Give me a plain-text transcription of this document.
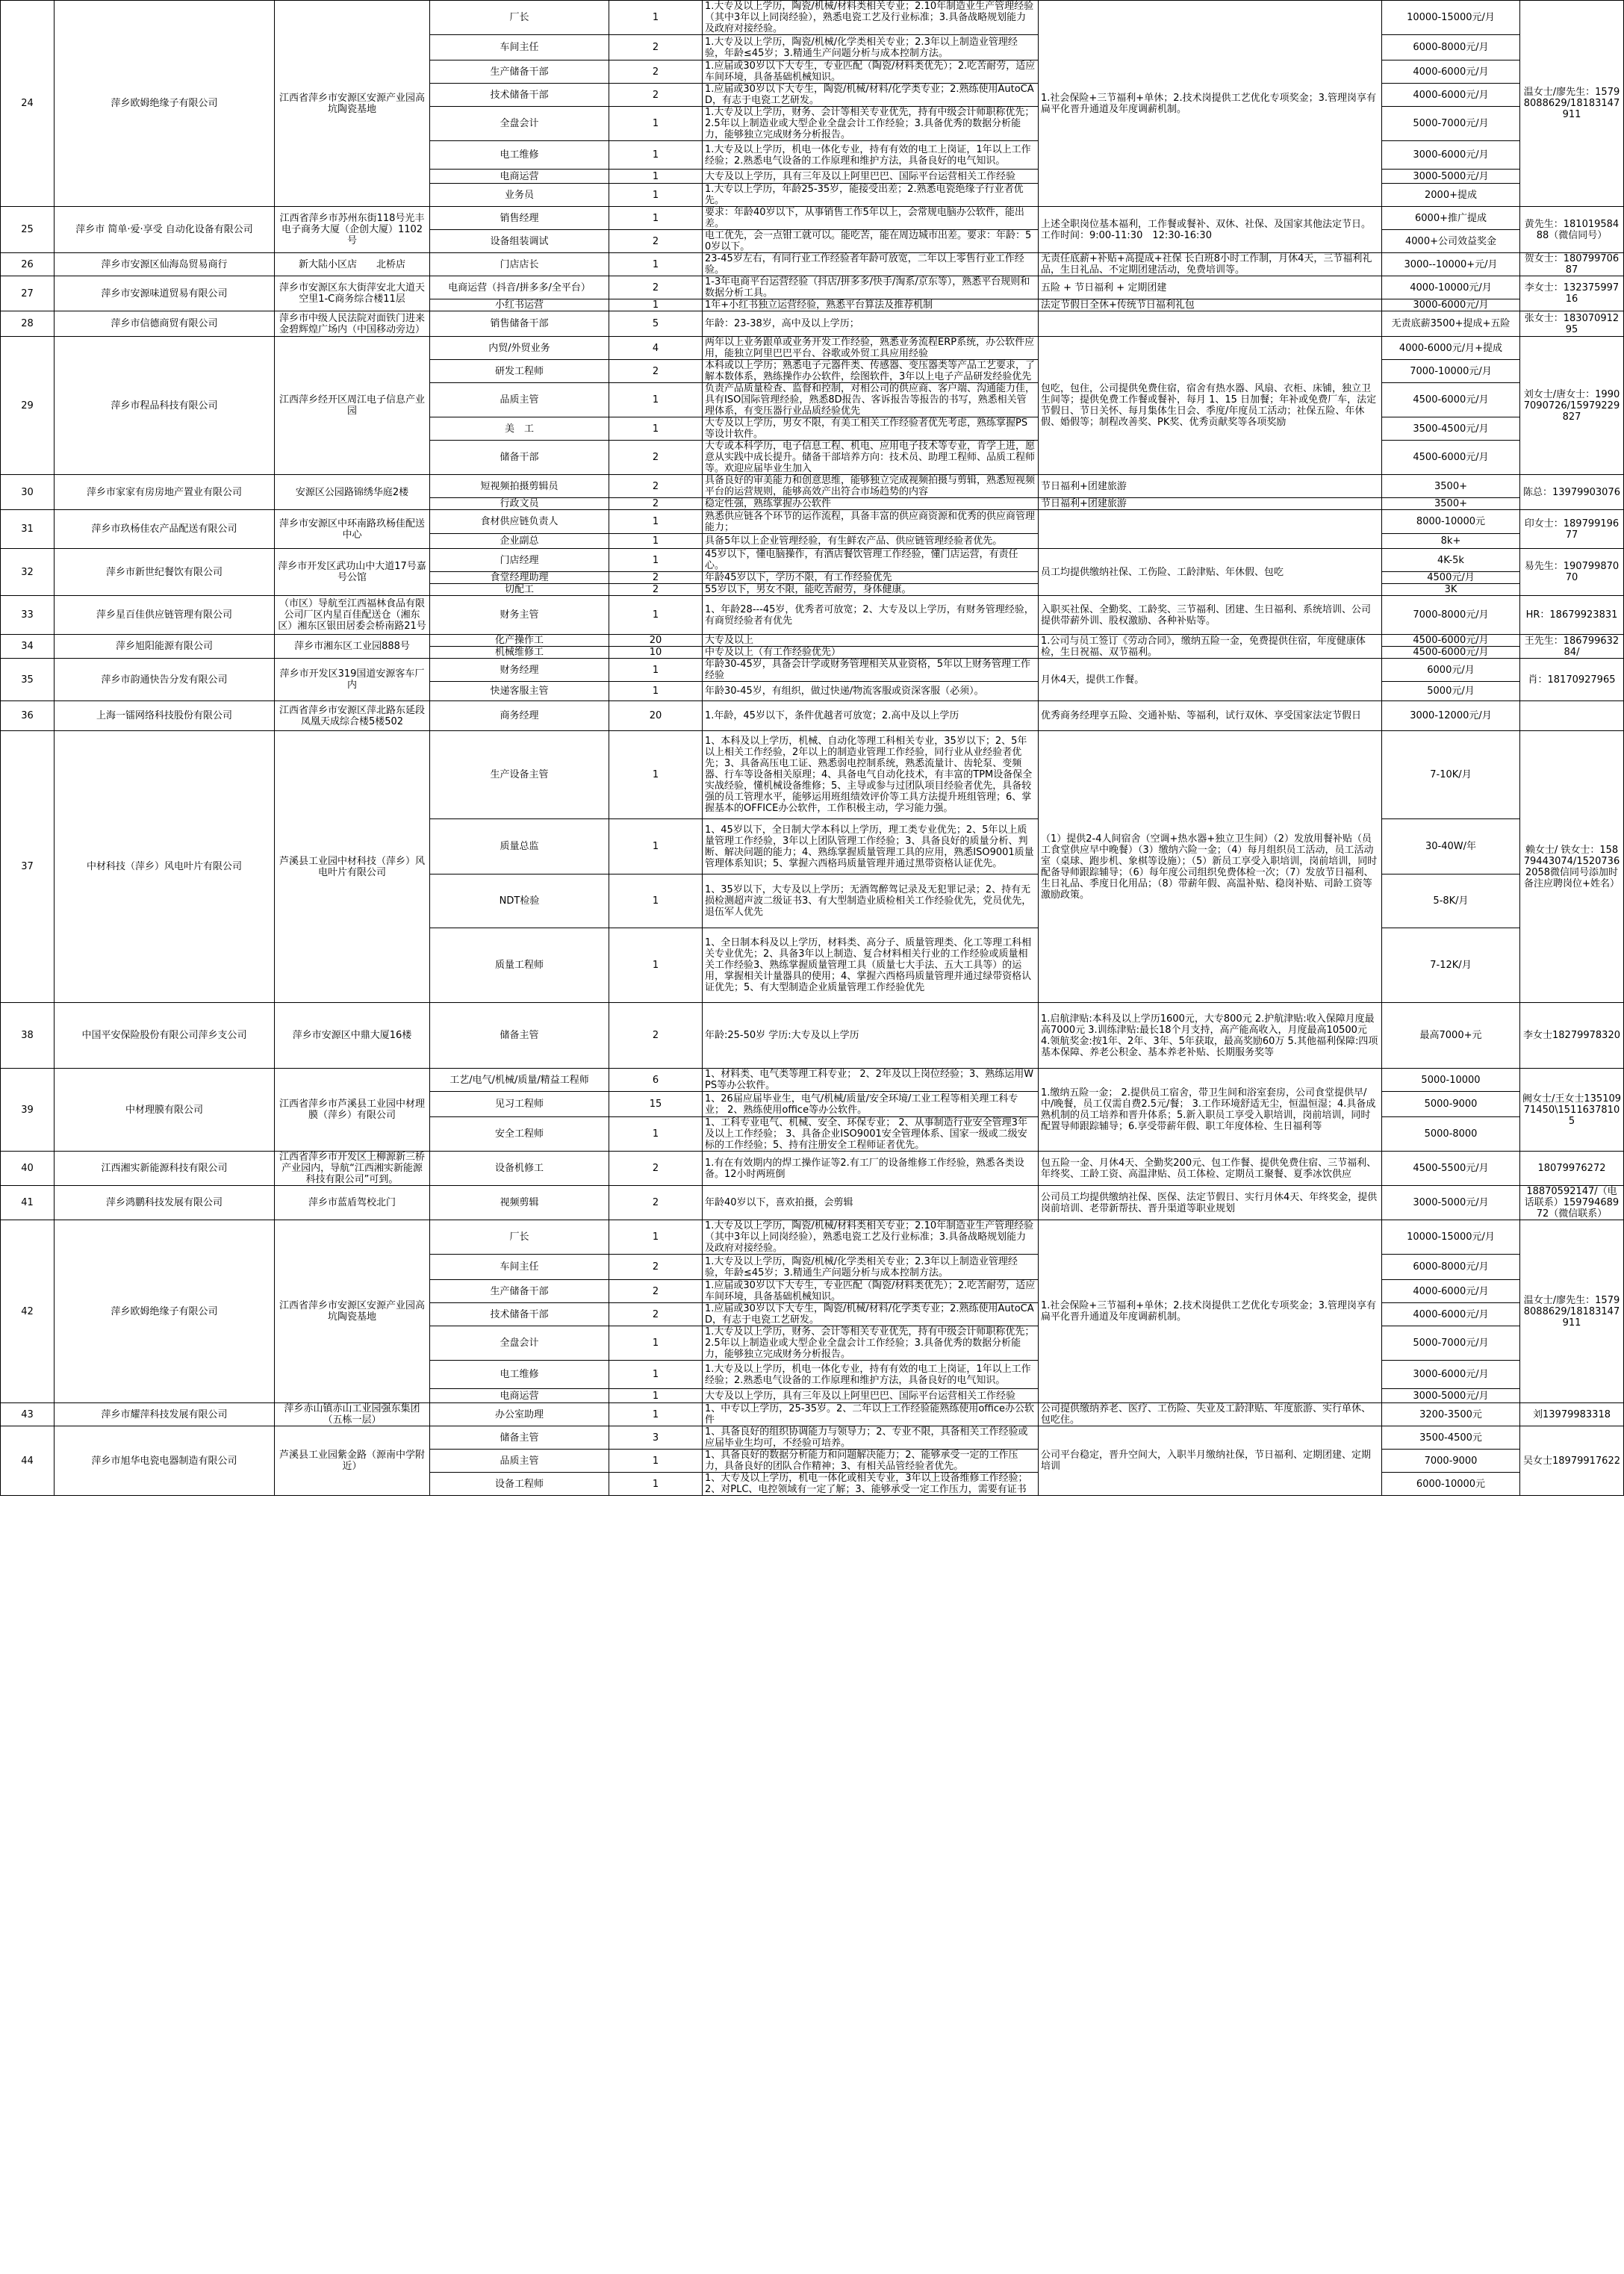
24	萍乡欧姆绝缘子有限公司	江西省萍乡市安源区安源产业园高坑陶瓷基地	厂长	1	1.大专及以上学历，陶瓷/机械/材料类相关专业；2.10年制造业生产管理经验（其中3年以上同岗经验），熟悉电瓷工艺及行业标准；3.具备战略规划能力及政府对接经验。	1.社会保险+三节福利+单休；2.技术岗提供工艺优化专项奖金；3.管理岗享有扁平化晋升通道及年度调薪机制。	10000-15000元/月	温女士/廖先生：15798088629/18183147911
			车间主任	2	1.大专及以上学历，陶瓷/机械/化学类相关专业；2.3年以上制造业管理经验，年龄≤45岁；3.精通生产问题分析与成本控制方法。		6000-8000元/月	
			生产储备干部	2	1.应届或30岁以下大专生，专业匹配（陶瓷/材料类优先）；2.吃苦耐劳，适应车间环境，具备基础机械知识。		4000-6000元/月	
			技术储备干部	2	1.应届或30岁以下大专生，陶瓷/机械/材料/化学类专业；2.熟练使用AutoCAD，有志于电瓷工艺研发。		4000-6000元/月	
			全盘会计	1	1.大专及以上学历，财务、会计等相关专业优先，持有中级会计师职称优先；2.5年以上制造业或大型企业全盘会计工作经验；3.具备优秀的数据分析能力，能够独立完成财务分析报告。		5000-7000元/月	
			电工维修	1	1.大专及以上学历，机电一体化专业，持有有效的电工上岗证，1年以上工作经验；2.熟悉电气设备的工作原理和维护方法，具备良好的电气知识。		3000-6000元/月	
			电商运营	1	大专及以上学历，具有三年及以上阿里巴巴、国际平台运营相关工作经验		3000-5000元/月	
			业务员	1	1.大专以上学历，年龄25-35岁，能接受出差；2.熟悉电瓷绝缘子行业者优先。		2000+提成	
25	萍乡市 简单·爱·享受 自动化设备有限公司	江西省萍乡市苏州东街118号光丰电子商务大厦（企创大厦）1102号	销售经理	1	要求：年龄40岁以下，从事销售工作5年以上，会常规电脑办公软件，能出差。	上述全职岗位基本福利，工作餐或餐补、双休、社保、及国家其他法定节日。工作时间：9:00-11:30　12:30-16:30	6000+推广提成	黄先生：18101958488（微信同号）
			设备组装调试	2	电工优先，会一点钳工就可以。能吃苦，能在周边城市出差。要求：年龄：50岁以下。		4000+公司效益奖金	
26	萍乡市安源区仙海岛贸易商行	新大陆小区店　　北桥店	门店店长	1	23-45岁左右，有同行业工作经验者年龄可放宽，二年以上零售行业工作经验。	无责任底薪+补贴+高提成+社保 长白班8小时工作制，月休4天，三节福利礼品，生日礼品、不定期团建活动，免费培训等。	3000--10000+元/月	贺女士：18079970687
27	萍乡市安源味道贸易有限公司	萍乡市安源区东大街萍安北大道天空里1-C商务综合楼11层	电商运营（抖音/拼多多/全平台）	2	1-3年电商平台运营经验（抖店/拼多多/快手/淘系/京东等），熟悉平台规则和数据分析工具。	五险 + 节日福利 + 定期团建	4000-10000元/月	李女士：13237599716
			小红书运营	1	1年+小红书独立运营经验，熟悉平台算法及推荐机制	法定节假日全休+传统节日福利礼包	3000-6000元/月	
28	萍乡市信德商贸有限公司	萍乡市中级人民法院对面铁门进来金碧辉煌广场内（中国移动旁边）	销售储备干部	5	年龄：23-38岁，高中及以上学历；		无责底薪3500+提成+五险	张女士：18307091295
29	萍乡市程品科技有限公司	江西萍乡经开区周江电子信息产业园	内贸/外贸业务	4	两年以上业务跟单或业务开发工作经验，熟悉业务流程ERP系统，办公软件应用，能独立阿里巴巴平台、谷歌或外贸工具应用经验	包吃，包住，公司提供免费住宿，宿舍有热水器、风扇、衣柜、床铺，独立卫生间等；提供免费工作餐或餐补，每月 1、15 日加餐；年补或免费厂车，法定节假日、节日关怀、每月集体生日会、季度/年度员工活动；社保五险、年休假、婚假等；制程改善奖、PK奖、优秀贡献奖等各项奖励	4000-6000元/月+提成	刘女士/唐女士：19907090726/15979229827
			研发工程师	2	本科或以上学历；熟悉电子元器件类、传感器、变压器类等产品工艺要求，了解本数体系，熟练操作办公软件，绘图软件，3年以上电子产品研发经验优先		7000-10000元/月	
			品质主管	1	负责产品质量检查、监督和控制，对相公司的供应商、客户端、沟通能力佳，具有ISO国际管理经验，熟悉8D报告、客诉报告等报告的书写，熟悉相关管理体系，有变压器行业品质经验优先		4500-6000元/月	
			美　工	1	大专及以上学历，男女不限，有美工相关工作经验者优先考虑，熟练掌握PS等设计软件。		3500-4500元/月	
			储备干部	2	大专或本科学历，电子信息工程、机电、应用电子技术等专业，肯学上进，愿意从实践中成长提升。储备干部培养方向：技术员、助理工程师、品质工程师等。欢迎应届毕业生加入		4500-6000元/月	
30	萍乡市家家有房房地产置业有限公司	安源区公园路锦绣华庭2楼	短视频拍摄剪辑员	2	具备良好的审美能力和创意思维，能够独立完成视频拍摄与剪辑，熟悉短视频平台的运营规则，能够高效产出符合市场趋势的内容	节日福利+团建旅游	3500+	陈总：13979903076
			行政文员	2	稳定性强，熟练掌握办公软件	节日福利+团建旅游	3500+	
31	萍乡市玖杨佳农产品配送有限公司	萍乡市安源区中环南路玖杨佳配送中心	食材供应链负责人	1	熟悉供应链各个环节的运作流程，具备丰富的供应商资源和优秀的供应商管理能力；		8000-10000元	印女士：18979919677
			企业副总	1	具备5年以上企业管理经验，有生鲜农产品、供应链管理经验者优先。		8k+	
32	萍乡市新世纪餐饮有限公司	萍乡市开发区武功山中大道17号嘉号公馆	门店经理	1	45岁以下，懂电脑操作，有酒店餐饮管理工作经验，懂门店运营，有责任心。	员工均提供缴纳社保、工伤险、工龄津贴、年休假、包吃	4K-5k	易先生：19079987070
			食堂经理助理	2	年龄45岁以下，学历不限，有工作经验优先		4500元/月	
			切配工	2	55岁以下，男女不限，能吃苦耐劳，身体健康。		3K	
33	萍乡星百佳供应链管理有限公司	（市区）导航至江西福林食品有限公司厂区内星百佳配送仓（湘东区）湘东区银田居委会桥南路21号	财务主管	1	1、年龄28---45岁，优秀者可放宽；2、大专及以上学历，有财务管理经验，有商贸经验者有优先	入职买社保、全勤奖、工龄奖、三节福利、团建、生日福利、系统培训、公司提供带薪外训、股权激励、各种补贴等。	7000-8000元/月	HR：18679923831
34	萍乡旭阳能源有限公司	萍乡市湘东区工业园888号	化产操作工	20	大专及以上	1.公司与员工签订《劳动合同》，缴纳五险一金，免费提供住宿，年度健康体检，生日祝福、双节福利。	4500-6000元/月	王先生：18679963284/
			机械维修工	10	中专及以上（有工作经验优先）		4500-6000元/月	
35	萍乡市韵通快告分发有限公司	萍乡市开发区319国道安源客车厂内	财务经理	1	年龄30-45岁，具备会计学或财务管理相关从业资格，5年以上财务管理工作经验	月休4天，提供工作餐。	6000元/月	肖：18170927965
			快递客服主管	1	年龄30-45岁，有组织，做过快递/物流客服或资深客服（必须）。		5000元/月	
36	上海一镭网络科技股份有限公司	江西省萍乡市安源区萍北路东延段凤凰天成综合楼5楼502	商务经理	20	1.年龄，45岁以下，条件优越者可放宽；2.高中及以上学历	优秀商务经理享五险、交通补贴、等福利，试行双休、享受国家法定节假日	3000-12000元/月	
37	中材科技（萍乡）风电叶片有限公司	芦溪县工业园中材科技（萍乡）风电叶片有限公司	生产设备主管	1	1、本科及以上学历，机械、自动化等理工科相关专业，35岁以下；2、5年以上相关工作经验，2年以上的制造业管理工作经验，同行业从业经验者优先；3、具备高压电工证、熟悉弱电控制系统，熟悉流量计、齿轮泵、变频器、行车等设备相关原理；4、具备电气自动化技术，有丰富的TPM设备保全实战经验，懂机械设备维修；5、主导或参与过团队项目经验者优先，具备较强的员工管理水平，能够运用班组绩效评价等工具方法提升班组管理；6、掌握基本的OFFICE办公软件，工作积极主动，学习能力强。	（1）提供2-4人间宿舍（空调+热水器+独立卫生间）（2）发放用餐补贴（员工食堂供应早中晚餐）（3）缴纳六险一金；（4）每月组织员工活动，员工活动室（桌球、跑步机、象棋等设施）；（5）新员工享受入职培训，岗前培训，同时配备导师跟踪辅导；（6）每年度公司组织免费体检一次；（7）发放节日福利、生日礼品、季度日化用品；（8）带薪年假、高温补贴、稳岗补贴、司龄工资等激励政策。	7-10K/月	赖女士/ 铁女士：15879443074/15207362058微信同号添加时备注应聘岗位+姓名）
			质量总监	1	1、45岁以下，全日制大学本科以上学历，理工类专业优先；2、5年以上质量管理工作经验，3年以上团队管理工作经验；3、具备良好的质量分析、判断、解决问题的能力；4、熟练掌握质量管理工具的应用，熟悉ISO9001质量管理体系知识；5、掌握六西格玛质量管理并通过黑带资格认证优先。		30-40W/年	
			NDT检验	1	1、35岁以下，大专及以上学历；无酒驾醉驾记录及无犯罪记录；2、持有无损检测超声波二级证书3、有大型制造业质检相关工作经验优先，党员优先，退伍军人优先		5-8K/月	
			质量工程师	1	1、全日制本科及以上学历，材料类、高分子、质量管理类、化工等理工科相关专业优先；2、具备3年以上制造、复合材料相关行业的工作经验或质量相关工作经验3、熟练掌握质量管理工具（质量七大手法、五大工具等）的运用，掌握相关计量器具的使用；4、掌握六西格玛质量管理并通过绿带资格认证优先；5、有大型制造企业质量管理工作经验优先		7-12K/月	
38	中国平安保险股份有限公司萍乡支公司	萍乡市安源区中鼎大厦16楼	储备主管	2	年龄:25-50岁 学历:大专及以上学历	1.启航津贴:本科及以上学历1600元，大专800元 2.护航津贴:收入保障月度最高7000元 3.训练津贴:最长18个月支持，高产能高收入，月度最高10500元 4.领航奖金:按1年、2年、3年、5年获取，最高奖励60万 5.其他福利保障:四项基本保障、养老公积金、基本养老补贴、长期服务奖等	最高7000+元	李女士18279978320
39	中材理膜有限公司	江西省萍乡市芦溪县工业园中材理膜（萍乡）有限公司	工艺/电气/机械/质量/精益工程师	6	1、材料类、电气类等理工科专业； 2、2年及以上岗位经验；3、熟练运用WPS等办公软件。	1.缴纳五险一金； 2.提供员工宿舍，带卫生间和浴室套房，公司食堂提供早/中/晚餐，员工仅需自费2.5元/餐； 3.工作环境舒适无尘，恒温恒湿；4.具备成熟机制的员工培养和晋升体系；5.新入职员工享受入职培训，岗前培训，同时配置导师跟踪辅导；6.享受带薪年假、职工年度体检、生日福利等	5000-10000	阙女士/王女士13510971450\15116378105
			见习工程师	15	1、26届应届毕业生，电气/机械/质量/安全环境/工业工程等相关理工科专业； 2、熟练使用office等办公软件。		5000-9000	
			安全工程师	1	1、工科专业电气、机械、安全、环保专业； 2、从事制造行业安全管理3年及以上工作经验； 3、具备企业ISO9001安全管理体系、国家一级或二级安标的工作经验；5、持有注册安全工程师证者优先。		5000-8000	
40	江西湘实新能源科技有限公司	江西省萍乡市开发区上柳源新三桥产业园内，导航“江西湘实新能源科技有限公司”可到。	设备机修工	2	1.有在有效期内的焊工操作证等2.有工厂的设备维修工作经验，熟悉各类设备。12小时两班倒	包五险一金、月休4天、全勤奖200元、包工作餐、提供免费住宿、三节福利、年终奖、工龄工资、高温津贴、员工体检、定期员工聚餐、夏季冰饮供应	4500-5500元/月	18079976272
41	萍乡鸿鹏科技发展有限公司	萍乡市蓝盾驾校北门	视频剪辑	2	年龄40岁以下，喜欢拍摄，会剪辑	公司员工均提供缴纳社保、医保、法定节假日、实行月休4天、年终奖金，提供岗前培训、老带新帮扶、晋升渠道等职业规划	3000-5000元/月	18870592147/（电话联系）15979468972（微信联系）
42	萍乡欧姆绝缘子有限公司	江西省萍乡市安源区安源产业园高坑陶瓷基地	厂长	1	1.大专及以上学历，陶瓷/机械/材料类相关专业；2.10年制造业生产管理经验（其中3年以上同岗经验），熟悉电瓷工艺及行业标准；3.具备战略规划能力及政府对接经验。	1.社会保险+三节福利+单休；2.技术岗提供工艺优化专项奖金；3.管理岗享有扁平化晋升通道及年度调薪机制。	10000-15000元/月	温女士/廖先生：15798088629/18183147911
			车间主任	2	1.大专及以上学历，陶瓷/机械/化学类相关专业；2.3年以上制造业管理经验，年龄≤45岁；3.精通生产问题分析与成本控制方法。		6000-8000元/月	
			生产储备干部	2	1.应届或30岁以下大专生，专业匹配（陶瓷/材料类优先）；2.吃苦耐劳，适应车间环境，具备基础机械知识。		4000-6000元/月	
			技术储备干部	2	1.应届或30岁以下大专生，陶瓷/机械/材料/化学类专业；2.熟练使用AutoCAD，有志于电瓷工艺研发。		4000-6000元/月	
			全盘会计	1	1.大专及以上学历，财务、会计等相关专业优先，持有中级会计师职称优先；2.5年以上制造业或大型企业全盘会计工作经验；3.具备优秀的数据分析能力，能够独立完成财务分析报告。		5000-7000元/月	
			电工维修	1	1.大专及以上学历，机电一体化专业，持有有效的电工上岗证，1年以上工作经验；2.熟悉电气设备的工作原理和维护方法，具备良好的电气知识。		3000-6000元/月	
			电商运营	1	大专及以上学历，具有三年及以上阿里巴巴、国际平台运营相关工作经验		3000-5000元/月	
43	萍乡市耀萍科技发展有限公司	萍乡赤山镇赤山工业园强东集团（五栋一层）	办公室助理	1	1、中专以上学历，25-35岁。2、二年以上工作经验能熟练使用office办公软件	公司提供缴纳养老、医疗、工伤险、失业及工龄津贴、年度旅游、实行单休、包吃住。	3200-3500元	刘13979983318
44	萍乡市旭华电瓷电器制造有限公司	芦溪县工业园紫金路（源南中学附近）	储备主管	3	1、具备良好的组织协调能力与领导力；2、专业不限，具备相关工作经验或应届毕业生均可，不经验可培养。	公司平台稳定，晋升空间大，入职半月缴纳社保，节日福利、定期团建、定期培训	3500-4500元	吴女士18979917622
			品质主管	1	1、具备良好的数据分析能力和问题解决能力；2、能够承受一定的工作压力，具备良好的团队合作精神；3、有相关品管经验者优先。		7000-9000	
			设备工程师	1	1、大专及以上学历，机电一体化或相关专业，3年以上设备维修工作经验；2、对PLC、电控领域有一定了解；3、能够承受一定工作压力，需要有证书		6000-10000元	
